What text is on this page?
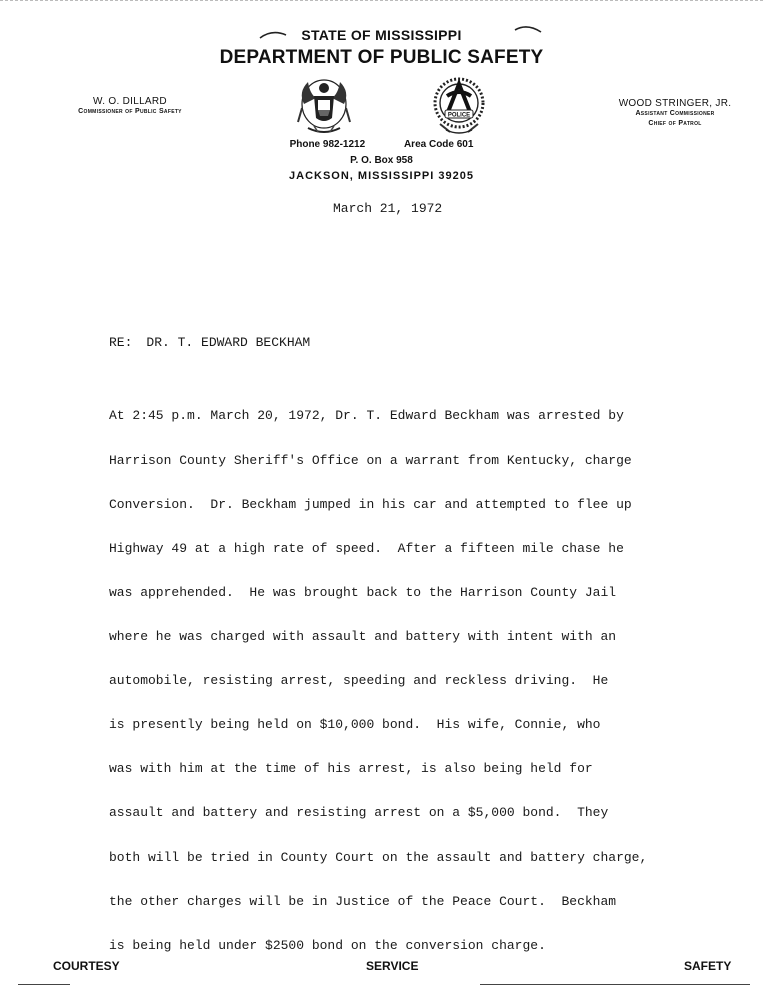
STATE OF MISSISSIPPI
DEPARTMENT OF PUBLIC SAFETY
W. O. DILLARD
Commissioner of Public Safety
WOOD STRINGER, JR.
Assistant Commissioner
Chief of Patrol
POLICE
Phone 982-1212	Area Code 601
P. O. Box 958
JACKSON, MISSISSIPPI 39205
March 21, 1972
RE: DR. T. EDWARD BECKHAM

At 2:45 p.m. March 20, 1972, Dr. T. Edward Beckham was arrested by

Harrison County Sheriff's Office on a warrant from Kentucky, charge

Conversion.  Dr. Beckham jumped in his car and attempted to flee up

Highway 49 at a high rate of speed.  After a fifteen mile chase he

was apprehended.  He was brought back to the Harrison County Jail

where he was charged with assault and battery with intent with an

automobile, resisting arrest, speeding and reckless driving.  He

is presently being held on $10,000 bond.  His wife, Connie, who

was with him at the time of his arrest, is also being held for

assault and battery and resisting arrest on a $5,000 bond.  They

both will be tried in County Court on the assault and battery charge,

the other charges will be in Justice of the Peace Court.  Beckham

is being held under $2500 bond on the conversion charge.

COURTESY	SERVICE	SAFETY
